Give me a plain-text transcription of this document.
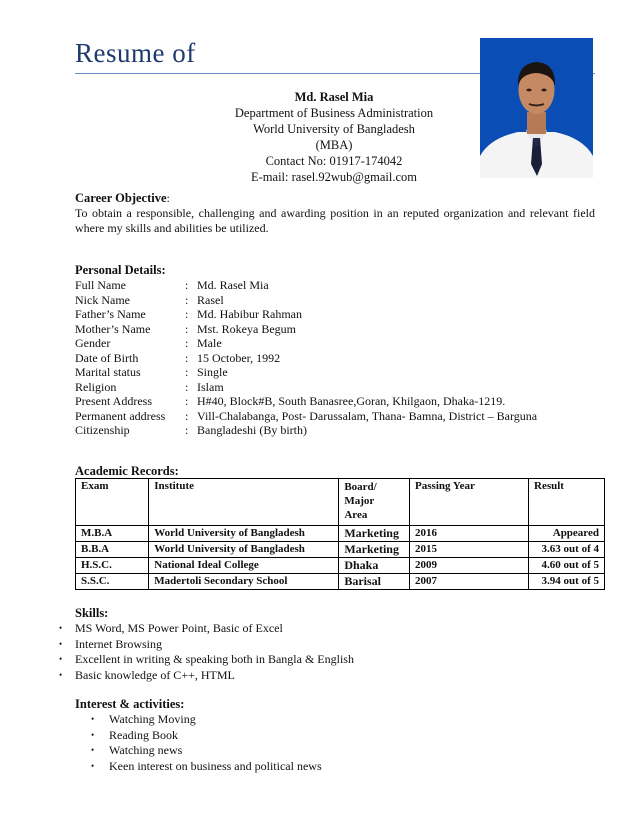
Resume of
Md. Rasel Mia
Department of Business Administration
World University of Bangladesh
(MBA)
Contact No: 01917-174042
E-mail: rasel.92wub@gmail.com
Career Objective:
To obtain a responsible, challenging and awarding position in an reputed organization and relevant field where my skills and abilities be utilized.
Personal Details:
Full Name	: Md. Rasel Mia
Nick Name	: Rasel
Father’s Name	: Md. Habibur Rahman
Mother’s Name	: Mst. Rokeya Begum
Gender	: Male
Date of Birth	: 15 October, 1992
Marital status	: Single
Religion	: Islam
Present Address	: H#40, Block#B, South Banasree,Goran, Khilgaon, Dhaka-1219.
Permanent address	: Vill-Chalabanga, Post- Darussalam, Thana- Bamna, District – Barguna
Citizenship	: Bangladeshi (By birth)
Academic Records:
Exam	Institute	Board/ Major Area	Passing Year	Result
M.B.A	World University of Bangladesh	Marketing	2016	Appeared
B.B.A	World University of Bangladesh	Marketing	2015	3.63 out of 4
H.S.C.	National Ideal College	Dhaka	2009	4.60 out of 5
S.S.C.	Madertoli Secondary School	Barisal	2007	3.94 out of 5
Skills:
• MS Word, MS Power Point, Basic of Excel
• Internet Browsing
• Excellent in writing & speaking both in Bangla & English
• Basic knowledge of C++, HTML
Interest & activities:
• Watching Moving
• Reading Book
• Watching news
• Keen interest on business and political news
